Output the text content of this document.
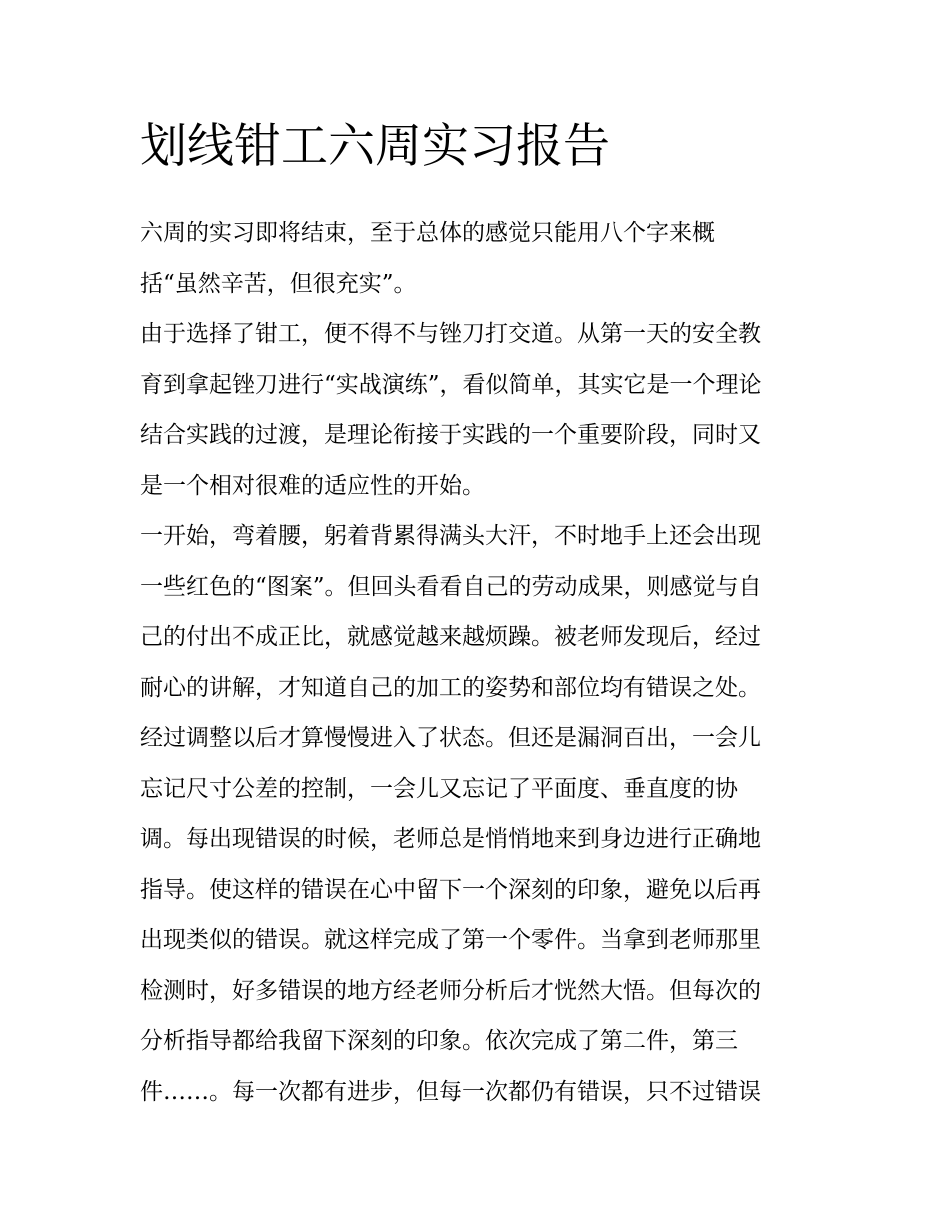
划线钳工六周实习报告

六周的实习即将结束，至于总体的感觉只能用八个字来概
括“虽然辛苦，但很充实”。

由于选择了钳工，便不得不与锉刀打交道。从第一天的安全教
育到拿起锉刀进行“实战演练”，看似简单，其实它是一个理论
结合实践的过渡，是理论衔接于实践的一个重要阶段，同时又
是一个相对很难的适应性的开始。

一开始，弯着腰，躬着背累得满头大汗，不时地手上还会出现
一些红色的“图案”。但回头看看自己的劳动成果，则感觉与自
己的付出不成正比，就感觉越来越烦躁。被老师发现后，经过
耐心的讲解，才知道自己的加工的姿势和部位均有错误之处。
经过调整以后才算慢慢进入了状态。但还是漏洞百出，一会儿
忘记尺寸公差的控制，一会儿又忘记了平面度、垂直度的协
调。每出现错误的时候，老师总是悄悄地来到身边进行正确地
指导。使这样的错误在心中留下一个深刻的印象，避免以后再
出现类似的错误。就这样完成了第一个零件。当拿到老师那里
检测时，好多错误的地方经老师分析后才恍然大悟。但每次的
分析指导都给我留下深刻的印象。依次完成了第二件，第三
件……。每一次都有进步，但每一次都仍有错误，只不过错误
